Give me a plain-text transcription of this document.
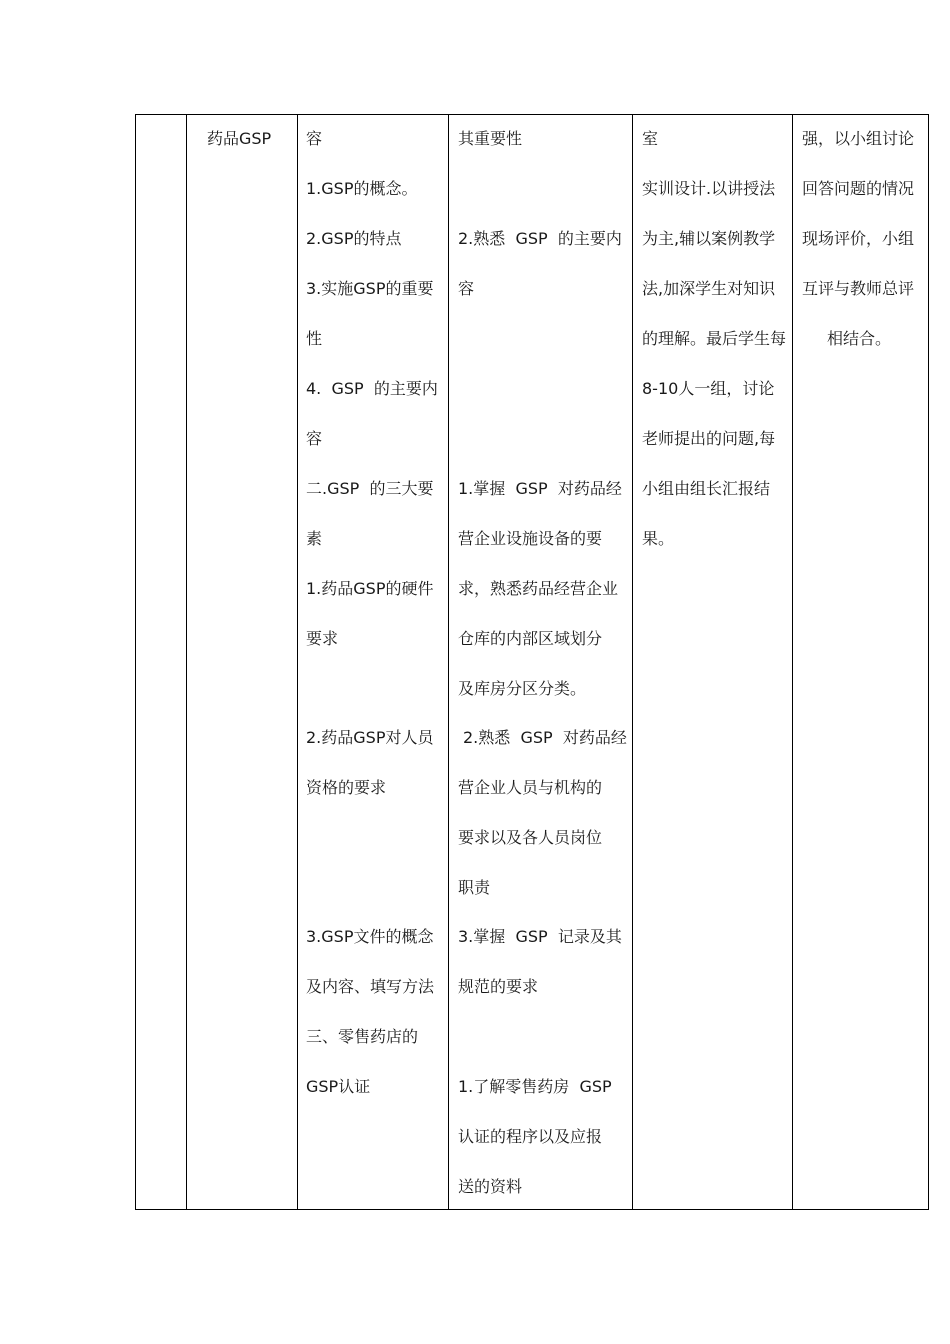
药品GSP 容
1.GSP的概念。
2.GSP的特点
3.实施GSP的重要
性
4.  GSP  的主要内
容
二.GSP  的三大要
素
1.药品GSP的硬件
要求
2.药品GSP对人员
资格的要求
3.GSP文件的概念
及内容、填写方法
三、零售药店的
GSP认证
其重要性
2.熟悉  GSP  的主要内
容
1.掌握  GSP  对药品经
营企业设施设备的要
求，熟悉药品经营企业
仓库的内部区域划分
及库房分区分类。
2.熟悉  GSP  对药品经
营企业人员与机构的
要求以及各人员岗位
职责
3.掌握  GSP  记录及其
规范的要求
1.了解零售药房  GSP
认证的程序以及应报
送的资料
室
实训设计.以讲授法
为主,辅以案例教学
法,加深学生对知识
的理解。最后学生每
8-10人一组，讨论
老师提出的问题,每
小组由组长汇报结
果。
强，以小组讨论
回答问题的情况
现场评价，小组
互评与教师总评
相结合。
